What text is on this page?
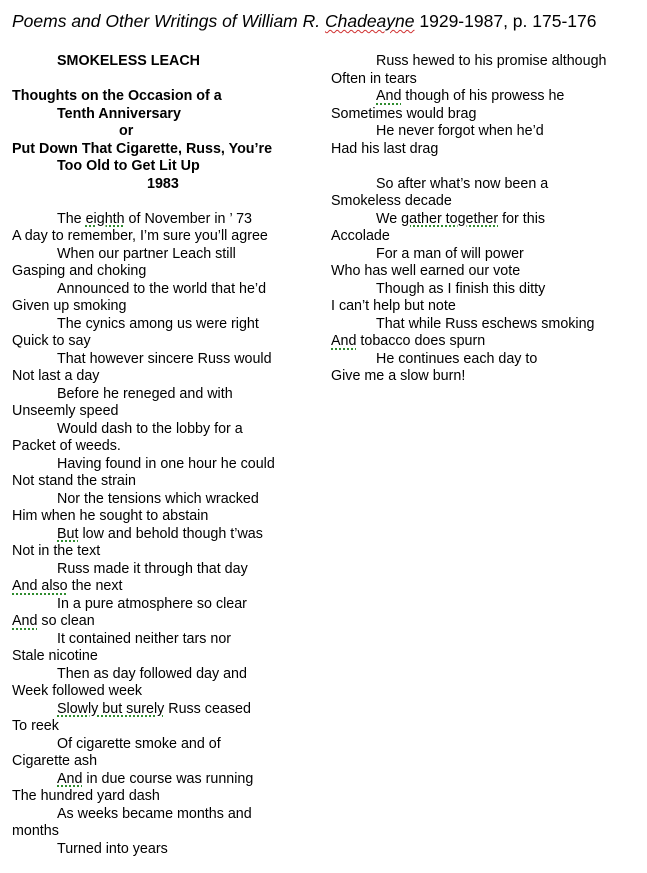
Poems and Other Writings of William R. Chadeayne 1929-1987, p. 175-176
SMOKELESS LEACH
Thoughts on the Occasion of a
Tenth Anniversary
or
Put Down That Cigarette, Russ, You’re
Too Old to Get Lit Up
1983
The eighth of November in ’ 73
A day to remember, I’m sure you’ll agree
When our partner Leach still
Gasping and choking
Announced to the world that he’d
Given up smoking
The cynics among us were right
Quick to say
That however sincere Russ would
Not last a day
Before he reneged and with
Unseemly speed
Would dash to the lobby for a
Packet of weeds.
Having found in one hour he could
Not stand the strain
Nor the tensions which wracked
Him when he sought to abstain
But low and behold though t’was
Not in the text
Russ made it through that day
And also the next
In a pure atmosphere so clear
And so clean
It contained neither tars nor
Stale nicotine
Then as day followed day and
Week followed week
Slowly but surely Russ ceased
To reek
Of cigarette smoke and of
Cigarette ash
And in due course was running
The hundred yard dash
As weeks became months and
months
Turned into years
Russ hewed to his promise although
Often in tears
And though of his prowess he
Sometimes would brag
He never forgot when he’d
Had his last drag
So after what’s now been a
Smokeless decade
We gather together for this
Accolade
For a man of will power
Who has well earned our vote
Though as I finish this ditty
I can’t help but note
That while Russ eschews smoking
And tobacco does spurn
He continues each day to
Give me a slow burn!
